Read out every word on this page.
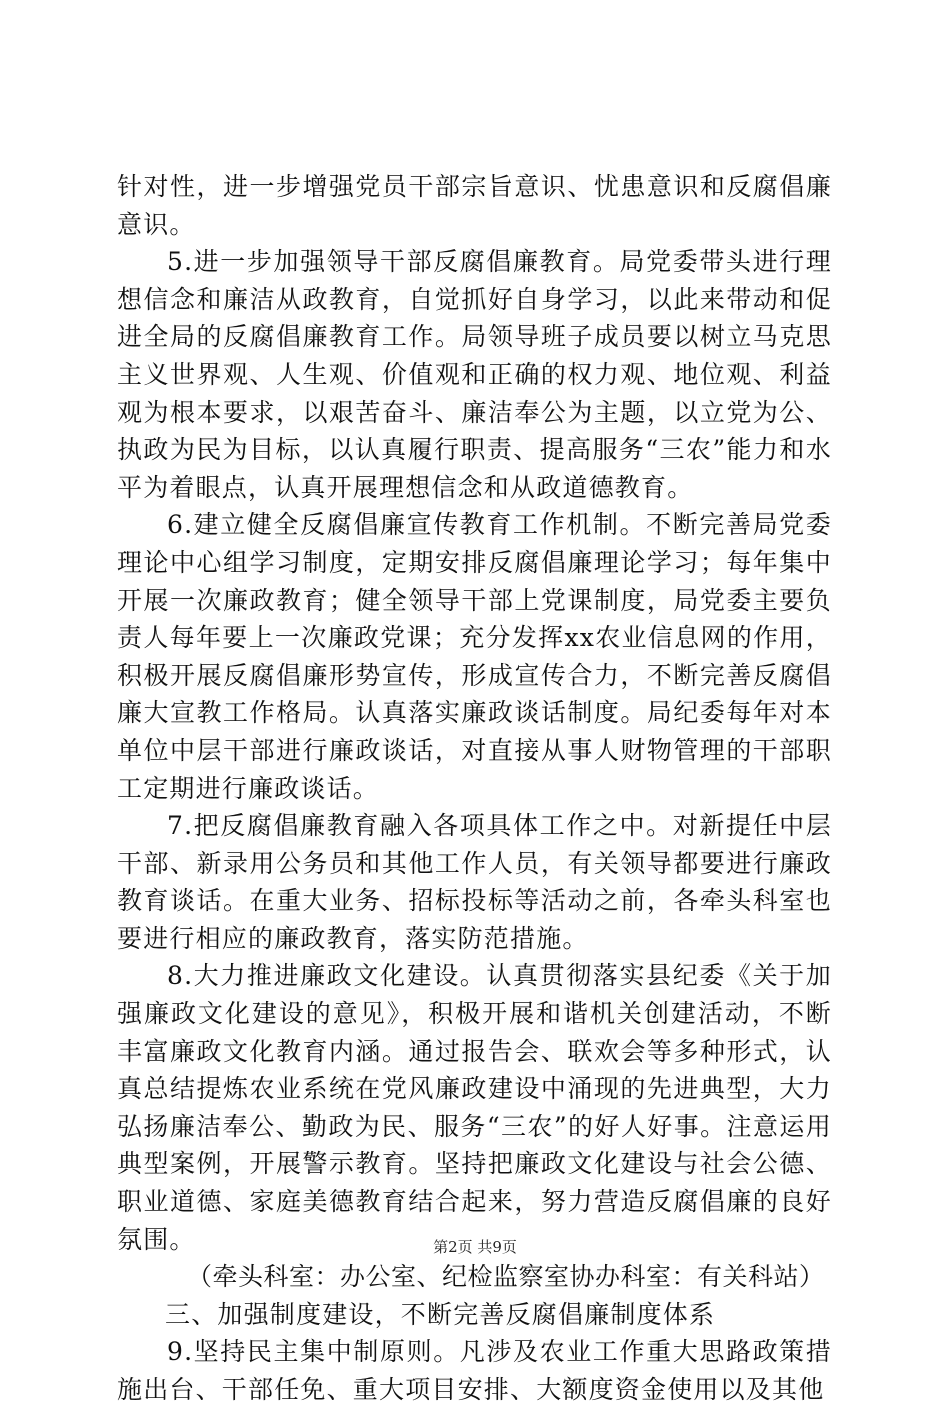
针对性，进一步增强党员干部宗旨意识、忧患意识和反腐倡廉意识。

5.进一步加强领导干部反腐倡廉教育。局党委带头进行理想信念和廉洁从政教育，自觉抓好自身学习，以此来带动和促进全局的反腐倡廉教育工作。局领导班子成员要以树立马克思主义世界观、人生观、价值观和正确的权力观、地位观、利益观为根本要求，以艰苦奋斗、廉洁奉公为主题，以立党为公、执政为民为目标，以认真履行职责、提高服务“三农”能力和水平为着眼点，认真开展理想信念和从政道德教育。

6.建立健全反腐倡廉宣传教育工作机制。不断完善局党委理论中心组学习制度，定期安排反腐倡廉理论学习；每年集中开展一次廉政教育；健全领导干部上党课制度，局党委主要负责人每年要上一次廉政党课；充分发挥xx农业信息网的作用，积极开展反腐倡廉形势宣传，形成宣传合力，不断完善反腐倡廉大宣教工作格局。认真落实廉政谈话制度。局纪委每年对本单位中层干部进行廉政谈话，对直接从事人财物管理的干部职工定期进行廉政谈话。

7.把反腐倡廉教育融入各项具体工作之中。对新提任中层干部、新录用公务员和其他工作人员，有关领导都要进行廉政教育谈话。在重大业务、招标投标等活动之前，各牵头科室也要进行相应的廉政教育，落实防范措施。

8.大力推进廉政文化建设。认真贯彻落实县纪委《关于加强廉政文化建设的意见》，积极开展和谐机关创建活动，不断丰富廉政文化教育内涵。通过报告会、联欢会等多种形式，认真总结提炼农业系统在党风廉政建设中涌现的先进典型，大力弘扬廉洁奉公、勤政为民、服务“三农”的好人好事。注意运用典型案例，开展警示教育。坚持把廉政文化建设与社会公德、职业道德、家庭美德教育结合起来，努力营造反腐倡廉的良好氛围。

（牵头科室：办公室、纪检监察室协办科室：有关科站）

三、加强制度建设，不断完善反腐倡廉制度体系

9.坚持民主集中制原则。凡涉及农业工作重大思路政策措施出台、干部任免、重大项目安排、大额度资金使用以及其他

第2页 共9页
